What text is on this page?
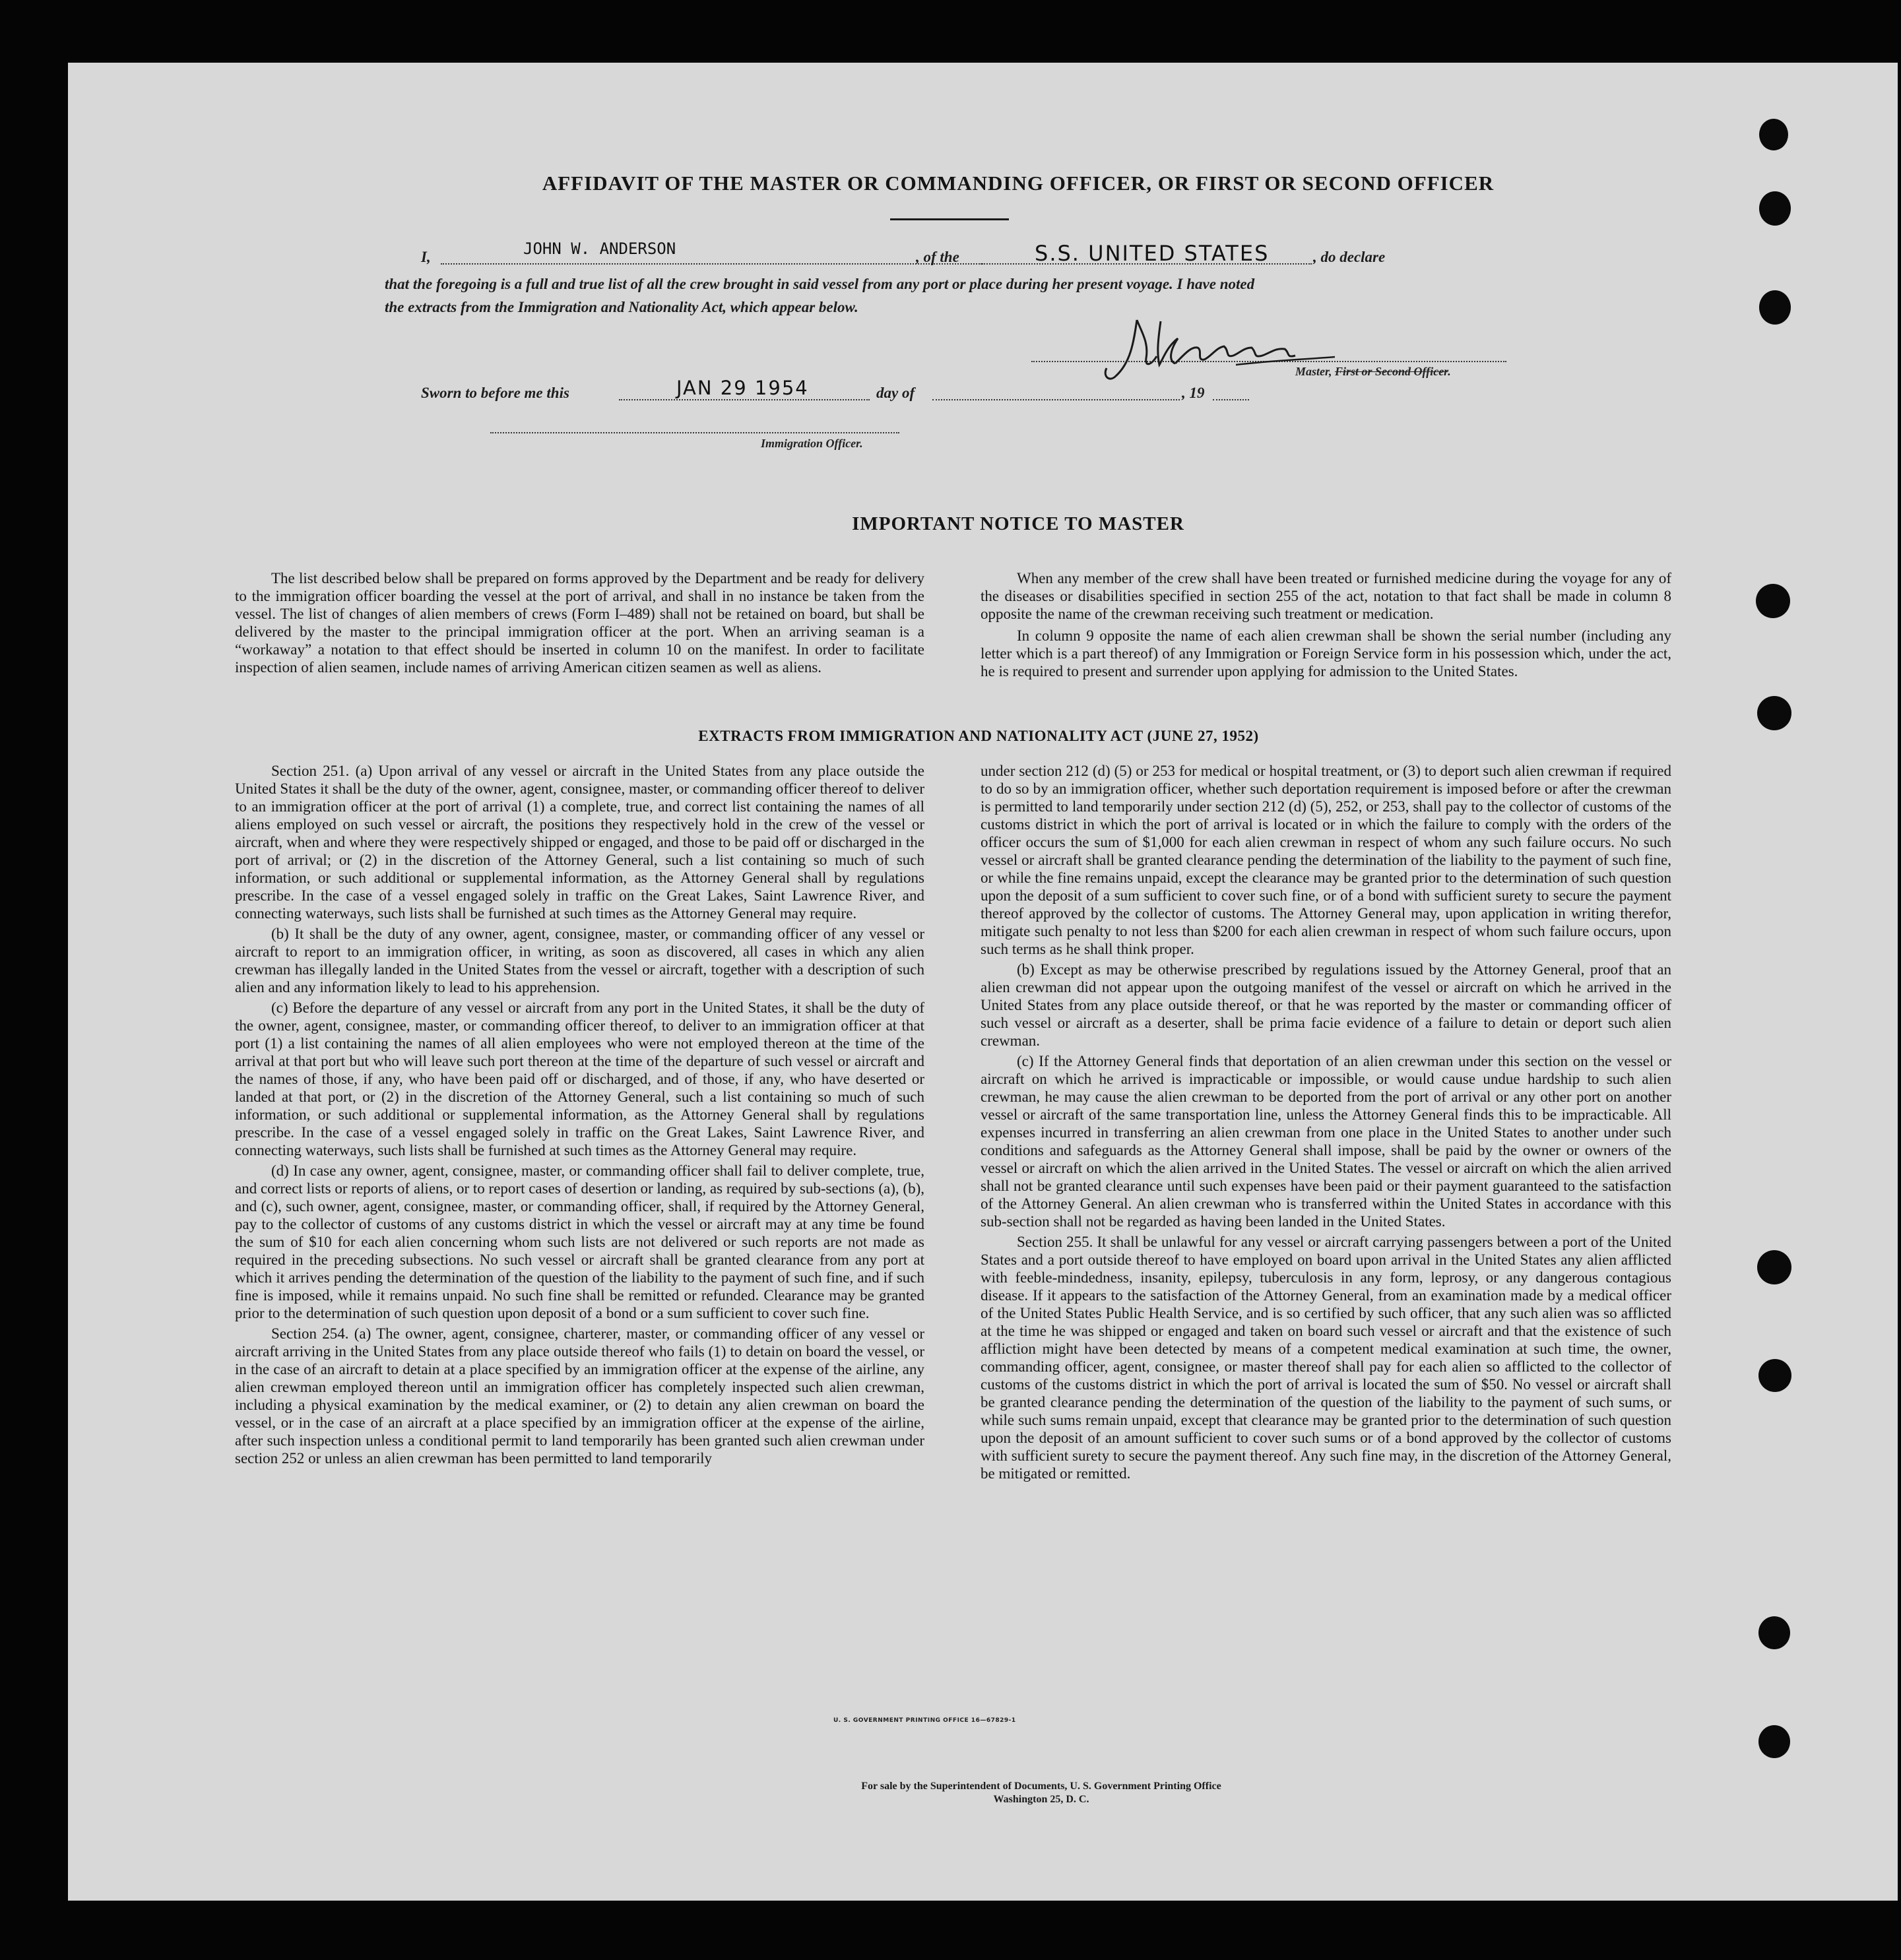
AFFIDAVIT OF THE MASTER OR COMMANDING OFFICER, OR FIRST OR SECOND OFFICER
I,	JOHN W. ANDERSON	, of the	S.S. UNITED STATES	, do declare
that the foregoing is a full and true list of all the crew brought in said vessel from any port or place during her present voyage. I have noted
the extracts from the Immigration and Nationality Act, which appear below.
Master, First or Second Officer.
Sworn to before me this	JAN 29 1954	day of	, 19
Immigration Officer.
IMPORTANT NOTICE TO MASTER

The list described below shall be prepared on forms approved by the Department and be ready for delivery to the immigration officer boarding the vessel at the port of arrival, and shall in no instance be taken from the vessel. The list of changes of alien members of crews (Form I–489) shall not be retained on board, but shall be delivered by the master to the principal immigration officer at the port. When an arriving seaman is a “workaway” a notation to that effect should be inserted in column 10 on the manifest. In order to facilitate inspection of alien seamen, include names of arriving American citizen seamen as well as aliens.

When any member of the crew shall have been treated or furnished medicine during the voyage for any of the diseases or disabilities specified in section 255 of the act, notation to that fact shall be made in column 8 opposite the name of the crewman receiving such treatment or medication.

In column 9 opposite the name of each alien crewman shall be shown the serial number (including any letter which is a part thereof) of any Immigration or Foreign Service form in his possession which, under the act, he is required to present and surrender upon applying for admission to the United States.

EXTRACTS FROM IMMIGRATION AND NATIONALITY ACT (JUNE 27, 1952)

Section 251. (a) Upon arrival of any vessel or aircraft in the United States from any place outside the United States it shall be the duty of the owner, agent, consignee, master, or commanding officer thereof to deliver to an immigration officer at the port of arrival (1) a complete, true, and correct list containing the names of all aliens employed on such vessel or aircraft, the positions they respectively hold in the crew of the vessel or aircraft, when and where they were respectively shipped or engaged, and those to be paid off or discharged in the port of arrival; or (2) in the discretion of the Attorney General, such a list containing so much of such information, or such additional or supplemental information, as the Attorney General shall by regulations prescribe. In the case of a vessel engaged solely in traffic on the Great Lakes, Saint Lawrence River, and connecting waterways, such lists shall be furnished at such times as the Attorney General may require.

(b) It shall be the duty of any owner, agent, consignee, master, or commanding officer of any vessel or aircraft to report to an immigration officer, in writing, as soon as discovered, all cases in which any alien crewman has illegally landed in the United States from the vessel or aircraft, together with a description of such alien and any information likely to lead to his apprehension.

(c) Before the departure of any vessel or aircraft from any port in the United States, it shall be the duty of the owner, agent, consignee, master, or commanding officer thereof, to deliver to an immigration officer at that port (1) a list containing the names of all alien employees who were not employed thereon at the time of the arrival at that port but who will leave such port thereon at the time of the departure of such vessel or aircraft and the names of those, if any, who have been paid off or discharged, and of those, if any, who have deserted or landed at that port, or (2) in the discretion of the Attorney General, such a list containing so much of such information, or such additional or supplemental information, as the Attorney General shall by regulations prescribe. In the case of a vessel engaged solely in traffic on the Great Lakes, Saint Lawrence River, and connecting waterways, such lists shall be furnished at such times as the Attorney General may require.

(d) In case any owner, agent, consignee, master, or commanding officer shall fail to deliver complete, true, and correct lists or reports of aliens, or to report cases of desertion or landing, as required by sub-sections (a), (b), and (c), such owner, agent, consignee, master, or commanding officer, shall, if required by the Attorney General, pay to the collector of customs of any customs district in which the vessel or aircraft may at any time be found the sum of $10 for each alien concerning whom such lists are not delivered or such reports are not made as required in the preceding subsections. No such vessel or aircraft shall be granted clearance from any port at which it arrives pending the determination of the question of the liability to the payment of such fine, and if such fine is imposed, while it remains unpaid. No such fine shall be remitted or refunded. Clearance may be granted prior to the determination of such question upon deposit of a bond or a sum sufficient to cover such fine.

Section 254. (a) The owner, agent, consignee, charterer, master, or commanding officer of any vessel or aircraft arriving in the United States from any place outside thereof who fails (1) to detain on board the vessel, or in the case of an aircraft to detain at a place specified by an immigration officer at the expense of the airline, any alien crewman employed thereon until an immigration officer has completely inspected such alien crewman, including a physical examination by the medical examiner, or (2) to detain any alien crewman on board the vessel, or in the case of an aircraft at a place specified by an immigration officer at the expense of the airline, after such inspection unless a conditional permit to land temporarily has been granted such alien crewman under section 252 or unless an alien crewman has been permitted to land temporarily

under section 212 (d) (5) or 253 for medical or hospital treatment, or (3) to deport such alien crewman if required to do so by an immigration officer, whether such deportation requirement is imposed before or after the crewman is permitted to land temporarily under section 212 (d) (5), 252, or 253, shall pay to the collector of customs of the customs district in which the port of arrival is located or in which the failure to comply with the orders of the officer occurs the sum of $1,000 for each alien crewman in respect of whom any such failure occurs. No such vessel or aircraft shall be granted clearance pending the determination of the liability to the payment of such fine, or while the fine remains unpaid, except the clearance may be granted prior to the determination of such question upon the deposit of a sum sufficient to cover such fine, or of a bond with sufficient surety to secure the payment thereof approved by the collector of customs. The Attorney General may, upon application in writing therefor, mitigate such penalty to not less than $200 for each alien crewman in respect of whom such failure occurs, upon such terms as he shall think proper.

(b) Except as may be otherwise prescribed by regulations issued by the Attorney General, proof that an alien crewman did not appear upon the outgoing manifest of the vessel or aircraft on which he arrived in the United States from any place outside thereof, or that he was reported by the master or commanding officer of such vessel or aircraft as a deserter, shall be prima facie evidence of a failure to detain or deport such alien crewman.

(c) If the Attorney General finds that deportation of an alien crewman under this section on the vessel or aircraft on which he arrived is impracticable or impossible, or would cause undue hardship to such alien crewman, he may cause the alien crewman to be deported from the port of arrival or any other port on another vessel or aircraft of the same transportation line, unless the Attorney General finds this to be impracticable. All expenses incurred in transferring an alien crewman from one place in the United States to another under such conditions and safeguards as the Attorney General shall impose, shall be paid by the owner or owners of the vessel or aircraft on which the alien arrived in the United States. The vessel or aircraft on which the alien arrived shall not be granted clearance until such expenses have been paid or their payment guaranteed to the satisfaction of the Attorney General. An alien crewman who is transferred within the United States in accordance with this sub-section shall not be regarded as having been landed in the United States.

Section 255. It shall be unlawful for any vessel or aircraft carrying passengers between a port of the United States and a port outside thereof to have employed on board upon arrival in the United States any alien afflicted with feeble-mindedness, insanity, epilepsy, tuberculosis in any form, leprosy, or any dangerous contagious disease. If it appears to the satisfaction of the Attorney General, from an examination made by a medical officer of the United States Public Health Service, and is so certified by such officer, that any such alien was so afflicted at the time he was shipped or engaged and taken on board such vessel or aircraft and that the existence of such affliction might have been detected by means of a competent medical examination at such time, the owner, commanding officer, agent, consignee, or master thereof shall pay for each alien so afflicted to the collector of customs of the customs district in which the port of arrival is located the sum of $50. No vessel or aircraft shall be granted clearance pending the determination of the question of the liability to the payment of such sums, or while such sums remain unpaid, except that clearance may be granted prior to the determination of such question upon the deposit of an amount sufficient to cover such sums or of a bond approved by the collector of customs with sufficient surety to secure the payment thereof. Any such fine may, in the discretion of the Attorney General, be mitigated or remitted.

U. S. GOVERNMENT PRINTING OFFICE 16—67829-1
For sale by the Superintendent of Documents, U. S. Government Printing Office
Washington 25, D. C.
